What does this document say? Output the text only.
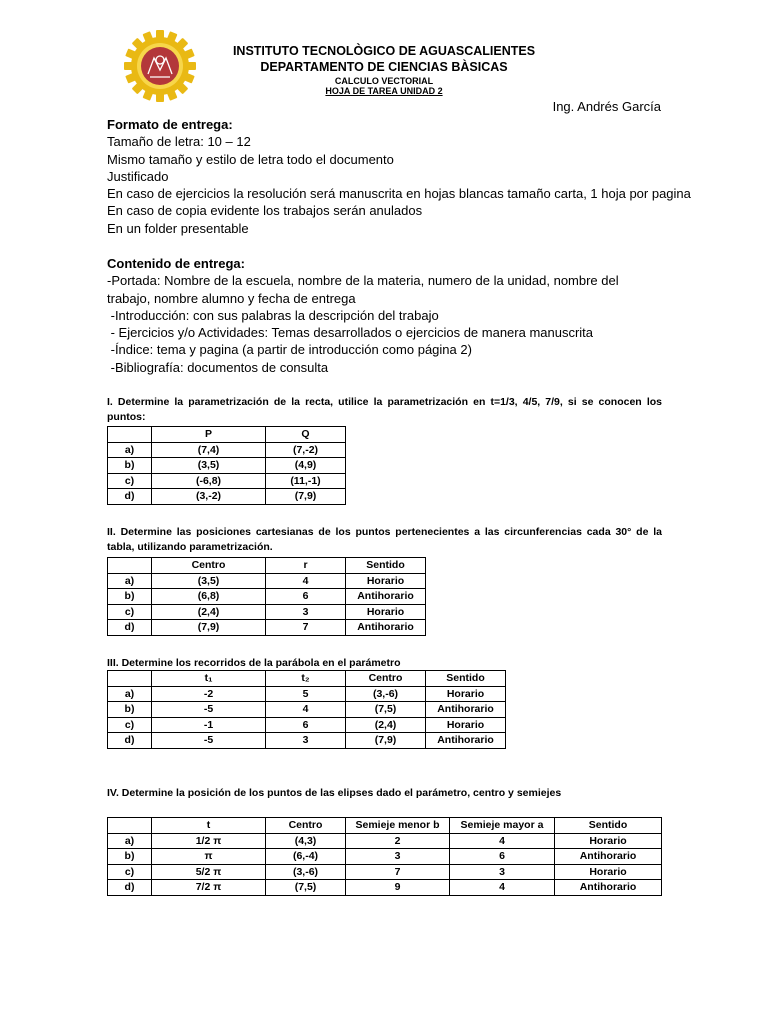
INSTITUTO TECNOLÒGICO DE AGUASCALIENTES
DEPARTAMENTO DE CIENCIAS BÀSICAS
CALCULO VECTORIAL
HOJA DE TAREA UNIDAD 2
Ing. Andrés García
Formato de entrega:
Tamaño de letra: 10 – 12
Mismo tamaño y estilo de letra todo el documento
Justificado
En caso de ejercicios la resolución será manuscrita en hojas blancas tamaño carta, 1 hoja por pagina
En caso de copia evidente los trabajos serán anulados
En un folder presentable
Contenido de entrega:
-Portada: Nombre de la escuela, nombre de la materia, numero de la unidad, nombre del trabajo, nombre alumno y fecha de entrega
-Introducción: con sus palabras la descripción del trabajo
- Ejercicios y/o Actividades: Temas desarrollados o ejercicios de manera manuscrita
-Índice: tema y pagina (a partir de introducción como página 2)
-Bibliografía: documentos de consulta
I. Determine la parametrización de la recta, utilice la parametrización en t=1/3, 4/5, 7/9, si se conocen los puntos:
	P	Q
a)	(7,4)	(7,-2)
b)	(3,5)	(4,9)
c)	(-6,8)	(11,-1)
d)	(3,-2)	(7,9)
II. Determine las posiciones cartesianas de los puntos pertenecientes a las circunferencias cada 30° de la tabla, utilizando parametrización.
	Centro	r	Sentido
a)	(3,5)	4	Horario
b)	(6,8)	6	Antihorario
c)	(2,4)	3	Horario
d)	(7,9)	7	Antihorario
III. Determine los recorridos de la parábola en el parámetro
	t₁	t₂	Centro	Sentido
a)	-2	5	(3,-6)	Horario
b)	-5	4	(7,5)	Antihorario
c)	-1	6	(2,4)	Horario
d)	-5	3	(7,9)	Antihorario
IV. Determine la posición de los puntos de las elipses dado el parámetro, centro y semiejes
	t	Centro	Semieje menor b	Semieje mayor a	Sentido
a)	1/2 π	(4,3)	2	4	Horario
b)	π	(6,-4)	3	6	Antihorario
c)	5/2 π	(3,-6)	7	3	Horario
d)	7/2 π	(7,5)	9	4	Antihorario
